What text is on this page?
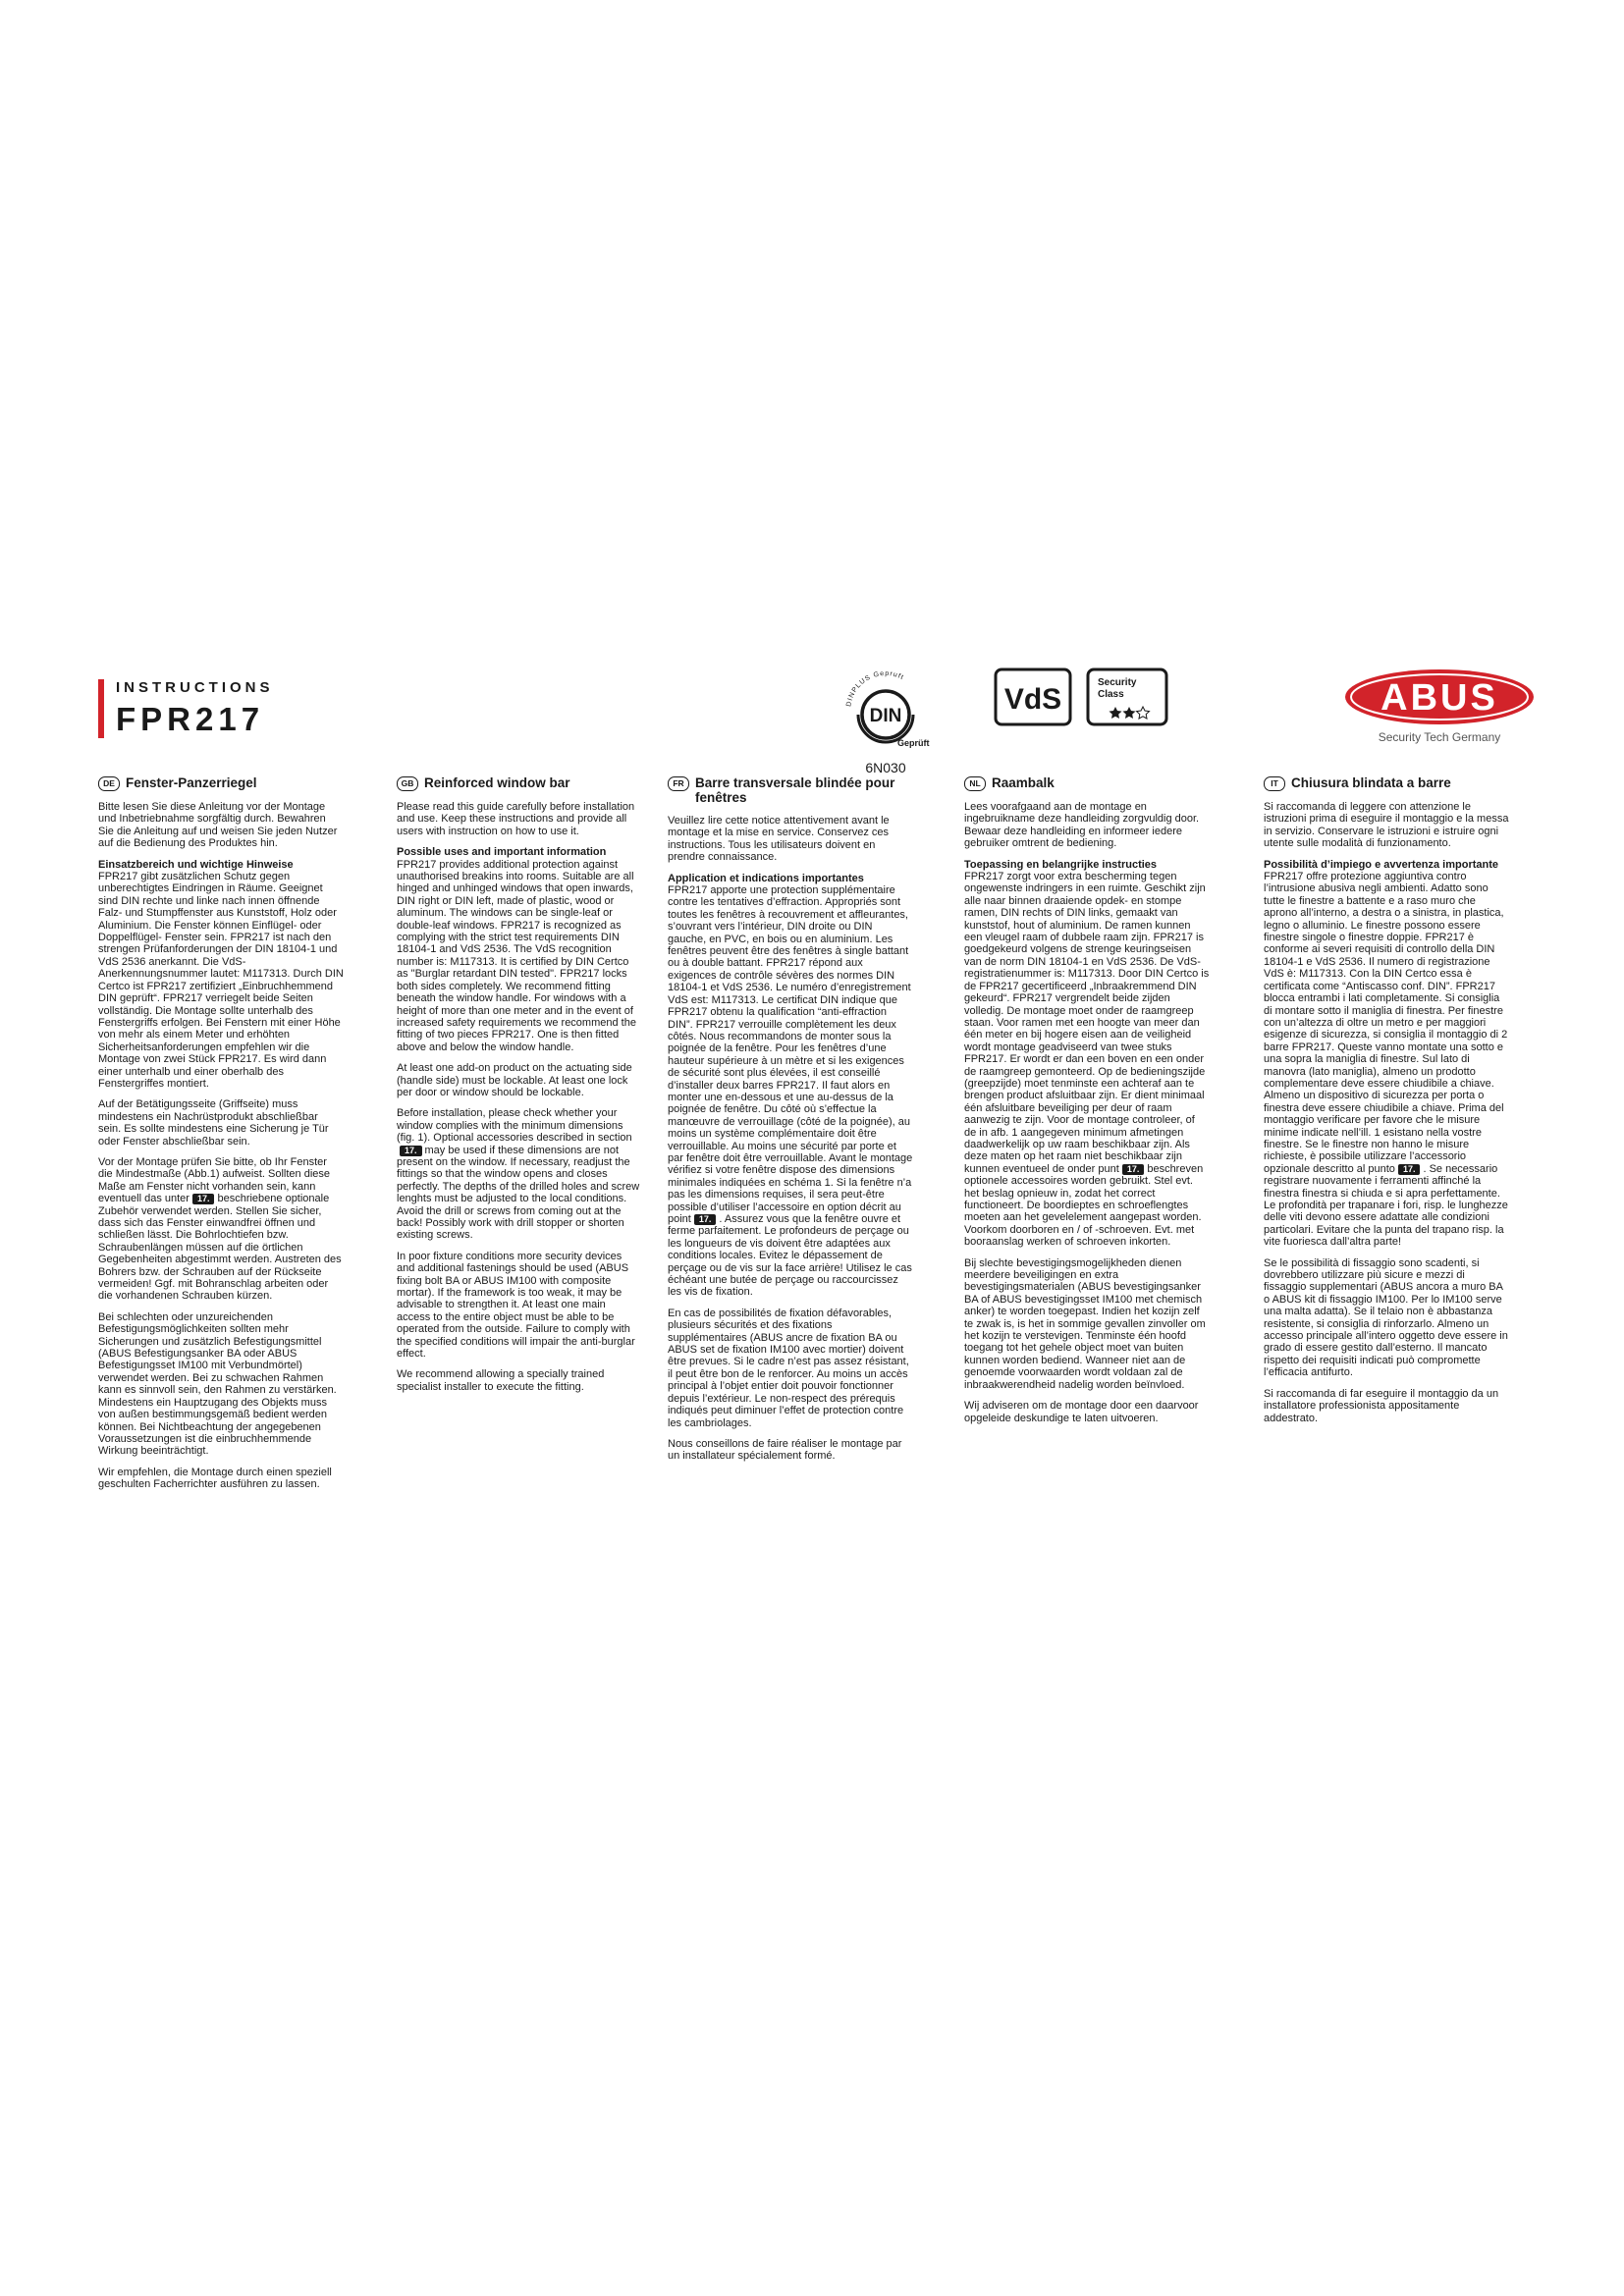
INSTRUCTIONS
FPR217	DINPLUS Gepruft
DIN
Geprüft
6N030
VdS
Security
Class	ABUS
Security Tech Germany
DE Fenster-Panzerriegel

Bitte lesen Sie diese Anleitung vor der Montage und Inbetriebnahme sorgfältig durch. Bewahren Sie die Anleitung auf und weisen Sie jeden Nutzer auf die Bedienung des Produktes hin.

Einsatzbereich und wichtige Hinweise

FPR217 gibt zusätzlichen Schutz gegen unberechtigtes Eindringen in Räume. Geeignet sind DIN rechte und linke nach innen öffnende Falz- und Stumpffenster aus Kunststoff, Holz oder Aluminium. Die Fenster können Einflügel- oder Doppelflügel- Fenster sein. FPR217 ist nach den strengen Prüfanforderungen der DIN 18104-1 und VdS 2536 anerkannt. Die VdS-Anerkennungsnummer lautet: M117313. Durch DIN Certco ist FPR217 zertifiziert „Einbruchhemmend DIN geprüft“. FPR217 verriegelt beide Seiten vollständig. Die Montage sollte unterhalb des Fenstergriffs erfolgen. Bei Fenstern mit einer Höhe von mehr als einem Meter und erhöhten Sicherheitsanforderungen empfehlen wir die Montage von zwei Stück FPR217. Es wird dann einer unterhalb und einer oberhalb des Fenstergriffes montiert.

Auf der Betätigungsseite (Griffseite) muss mindestens ein Nachrüstprodukt abschließbar sein. Es sollte mindestens eine Sicherung je Tür oder Fenster abschließbar sein.

Vor der Montage prüfen Sie bitte, ob Ihr Fenster die Mindestmaße (Abb.1) aufweist. Sollten diese Maße am Fenster nicht vorhanden sein, kann eventuell das unter 17. beschriebene optionale Zubehör verwendet werden. Stellen Sie sicher, dass sich das Fenster einwandfrei öffnen und schließen lässt. Die Bohrlochtiefen bzw. Schraubenlängen müssen auf die örtlichen Gegebenheiten abgestimmt werden. Austreten des Bohrers bzw. der Schrauben auf der Rückseite vermeiden! Ggf. mit Bohranschlag arbeiten oder die vorhandenen Schrauben kürzen.

Bei schlechten oder unzureichenden Befestigungsmöglichkeiten sollten mehr Sicherungen und zusätzlich Befestigungsmittel (ABUS Befestigungsanker BA oder ABUS Befestigungsset IM100 mit Verbundmörtel) verwendet werden. Bei zu schwachen Rahmen kann es sinnvoll sein, den Rahmen zu verstärken. Mindestens ein Hauptzugang des Objekts muss von außen bestimmungsgemäß bedient werden können. Bei Nichtbeachtung der angegebenen Voraussetzungen ist die einbruchhemmende Wirkung beeinträchtigt.

Wir empfehlen, die Montage durch einen speziell geschulten Facherrichter ausführen zu lassen.

GB Reinforced window bar

Please read this guide carefully before installation and use. Keep these instructions and provide all users with instruction on how to use it.

Possible uses and important information

FPR217 provides additional protection against unauthorised breakins into rooms. Suitable are all hinged and unhinged windows that open inwards, DIN right or DIN left, made of plastic, wood or aluminum. The windows can be single-leaf or double-leaf windows. FPR217 is recognized as complying with the strict test requirements DIN 18104-1 and VdS 2536. The VdS recognition number is: M117313. It is certified by DIN Certco as "Burglar retardant DIN tested". FPR217 locks both sides completely. We recommend fitting beneath the window handle. For windows with a height of more than one meter and in the event of increased safety requirements we recommend the fitting of two pieces FPR217. One is then fitted above and below the window handle.

At least one add-on product on the actuating side (handle side) must be lockable. At least one lock per door or window should be lockable.

Before installation, please check whether your window complies with the minimum dimensions (fig. 1). Optional accessories described in section17. may be used if these dimensions are not present on the window. If necessary, readjust the fittings so that the window opens and closes perfectly. The depths of the drilled holes and screw lenghts must be adjusted to the local conditions. Avoid the drill or screws from coming out at the back! Possibly work with drill stopper or shorten existing screws.

In poor fixture conditions more security devices and additional fastenings should be used (ABUS fixing bolt BA or ABUS IM100 with composite mortar). If the framework is too weak, it may be advisable to strengthen it. At least one main access to the entire object must be able to be operated from the outside. Failure to comply with the specified conditions will impair the anti-burglar effect.

We recommend allowing a specially trained specialist installer to execute the fitting.

FR Barre transversale blindée pour fenêtres

Veuillez lire cette notice attentivement avant le montage et la mise en service. Conservez ces instructions. Tous les utilisateurs doivent en prendre connaissance.

Application et indications importantes

FPR217 apporte une protection supplémentaire contre les tentatives d’effraction. Appropriés sont toutes les fenêtres à recouvrement et affleurantes, s’ouvrant vers l’intérieur, DIN droite ou DIN gauche, en PVC, en bois ou en aluminium. Les fenêtres peuvent être des fenêtres à single battant ou à double battant. FPR217 répond aux exigences de contrôle sévères des normes DIN 18104-1 et VdS 2536. Le numéro d’enregistrement VdS est: M117313. Le certificat DIN indique que FPR217 obtenu la qualification “anti-effraction DIN”. FPR217 verrouille complètement les deux côtés. Nous recommandons de monter sous la poignée de la fenêtre. Pour les fenêtres d’une hauteur supérieure à un mètre et si les exigences de sécurité sont plus élevées, il est conseillé d’installer deux barres FPR217. Il faut alors en monter une en-dessous et une au-dessus de la poignée de fenêtre. Du côté où s’effectue la manœuvre de verrouillage (côté de la poignée), au moins un système complémentaire doit être verrouillable. Au moins une sécurité par porte et par fenêtre doit être verrouillable. Avant le montage vérifiez si votre fenêtre dispose des dimensions minimales indiquées en schéma 1. Si la fenêtre n’a pas les dimensions requises, il sera peut-être possible d’utiliser l’accessoire en option décrit au point 17. . Assurez vous que la fenêtre ouvre et ferme parfaitement. Le profondeurs de perçage ou les longueurs de vis doivent être adaptées aux conditions locales. Evitez le dépassement de perçage ou de vis sur la face arrière! Utilisez le cas échéant une butée de perçage ou raccourcissez les vis de fixation.

En cas de possibilités de fixation défavorables, plusieurs sécurités et des fixations supplémentaires (ABUS ancre de fixation BA ou ABUS set de fixation IM100 avec mortier) doivent être prevues. Si le cadre n’est pas assez résistant, il peut être bon de le renforcer. Au moins un accès principal à l’objet entier doit pouvoir fonctionner depuis l’extérieur. Le non-respect des prérequis indiqués peut diminuer l’effet de protection contre les cambriolages.

Nous conseillons de faire réaliser le montage par un installateur spécialement formé.

NL Raambalk

Lees voorafgaand aan de montage en ingebruikname deze handleiding zorgvuldig door. Bewaar deze handleiding en informeer iedere gebruiker omtrent de bediening.

Toepassing en belangrijke instructies

FPR217 zorgt voor extra bescherming tegen ongewenste indringers in een ruimte. Geschikt zijn alle naar binnen draaiende opdek- en stompe ramen, DIN rechts of DIN links, gemaakt van kunststof, hout of aluminium. De ramen kunnen een vleugel raam of dubbele raam zijn. FPR217 is goedgekeurd volgens de strenge keuringseisen van de norm DIN 18104-1 en VdS 2536. De VdS-registratienummer is: M117313. Door DIN Certco is de FPR217 gecertificeerd „Inbraakremmend DIN gekeurd“. FPR217 vergrendelt beide zijden volledig. De montage moet onder de raamgreep staan. Voor ramen met een hoogte van meer dan één meter en bij hogere eisen aan de veiligheid wordt montage geadviseerd van twee stuks FPR217. Er wordt er dan een boven en een onder de raamgreep gemonteerd. Op de bedieningszijde (greepzijde) moet tenminste een achteraf aan te brengen product afsluitbaar zijn. Er dient minimaal één afsluitbare beveiliging per deur of raam aanwezig te zijn. Voor de montage controleer, of de in afb. 1 aangegeven minimum afmetingen daadwerkelijk op uw raam beschikbaar zijn. Als deze maten op het raam niet beschikbaar zijn kunnen eventueel de onder punt 17. beschreven optionele accessoires worden gebruikt. Stel evt. het beslag opnieuw in, zodat het correct functioneert. De boordieptes en schroeflengtes moeten aan het gevelelement aangepast worden. Voorkom doorboren en / of -schroeven. Evt. met booraanslag werken of schroeven inkorten.

Bij slechte bevestigingsmogelijkheden dienen meerdere beveiligingen en extra bevestigingsmaterialen (ABUS bevestigingsanker BA of ABUS bevestigingsset IM100 met chemisch anker) te worden toegepast. Indien het kozijn zelf te zwak is, is het in sommige gevallen zinvoller om het kozijn te verstevigen. Tenminste één hoofd toegang tot het gehele object moet van buiten kunnen worden bediend. Wanneer niet aan de genoemde voorwaarden wordt voldaan zal de inbraakwerendheid nadelig worden beïnvloed.

Wij adviseren om de montage door een daarvoor opgeleide deskundige te laten uitvoeren.

IT Chiusura blindata a barre

Si raccomanda di leggere con attenzione le istruzioni prima di eseguire il montaggio e la messa in servizio. Conservare le istruzioni e istruire ogni utente sulle modalità di funzionamento.

Possibilità d’impiego e avvertenza importante

FPR217 offre protezione aggiuntiva contro l’intrusione abusiva negli ambienti. Adatto sono tutte le finestre a battente e a raso muro che aprono all’interno, a destra o a sinistra, in plastica, legno o alluminio. Le finestre possono essere finestre singole o finestre doppie. FPR217 è conforme ai severi requisiti di controllo della DIN 18104-1 e VdS 2536. Il numero di registrazione VdS è: M117313. Con la DIN Certco essa è certificata come “Antiscasso conf. DIN”. FPR217 blocca entrambi i lati completamente. Si consiglia di montare sotto il maniglia di finestra. Per finestre con un’altezza di oltre un metro e per maggiori esigenze di sicurezza, si consiglia il montaggio di 2 barre FPR217. Queste vanno montate una sotto e una sopra la maniglia di finestre. Sul lato di manovra (lato maniglia), almeno un prodotto complementare deve essere chiudibile a chiave. Almeno un dispositivo di sicurezza per porta o finestra deve essere chiudibile a chiave. Prima del montaggio verificare per favore che le misure minime indicate nell’ill. 1 esistano nella vostre finestre. Se le finestre non hanno le misure richieste, è possibile utilizzare l’accessorio opzionale descritto al punto 17. . Se necessario registrare nuovamente i ferramenti affinché la finestra finestra si chiuda e si apra perfettamente. Le profondità per trapanare i fori, risp. le lunghezze delle viti devono essere adattate alle condizioni particolari. Evitare che la punta del trapano risp. la vite fuoriesca dall’altra parte!

Se le possibilità di fissaggio sono scadenti, si dovrebbero utilizzare più sicure e mezzi di fissaggio supplementari (ABUS ancora a muro BA o ABUS kit di fissaggio IM100. Per lo IM100 serve una malta adatta). Se il telaio non è abbastanza resistente, si consiglia di rinforzarlo. Almeno un accesso principale all’intero oggetto deve essere in grado di essere gestito dall’esterno. Il mancato rispetto dei requisiti indicati può compromette l’efficacia antifurto.

Si raccomanda di far eseguire il montaggio da un installatore professionista appositamente addestrato.
